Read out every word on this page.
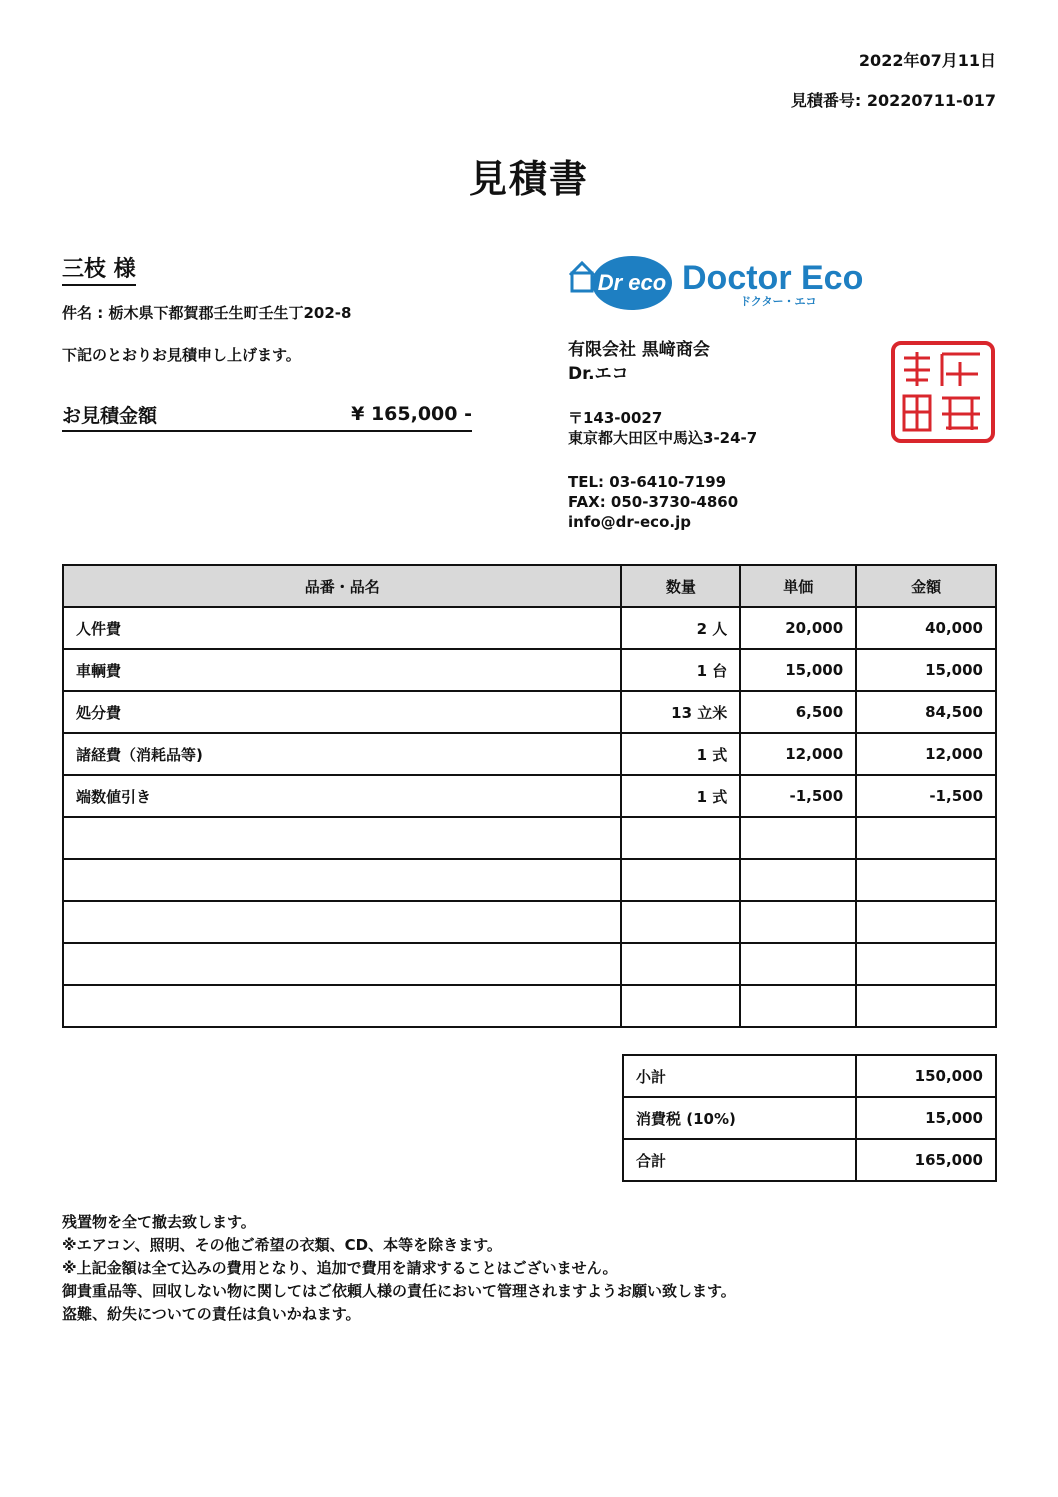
2022年07月11日
見積番号: 20220711-017
見積書
三枝 様
件名 : 栃木県下都賀郡壬生町壬生丁202-8
下記のとおりお見積申し上げます。
お見積金額	¥ 165,000 -
Dr eco Doctor Eco
ドクター・エコ
有限会社 黒﨑商会
Dr.エコ
〒143-0027
東京都大田区中馬込3-24-7
TEL: 03-6410-7199
FAX: 050-3730-4860
info@dr-eco.jp
品番・品名	数量	単価	金額
人件費	2 人	20,000	40,000
車輌費	1 台	15,000	15,000
処分費	13 立米	6,500	84,500
諸経費（消耗品等)	1 式	12,000	12,000
端数値引き	1 式	-1,500	-1,500

小計	150,000
消費税 (10%)	15,000
合計	165,000
残置物を全て撤去致します。
※エアコン、照明、その他ご希望の衣類、CD、本等を除きます。
※上記金額は全て込みの費用となり、追加で費用を請求することはございません。
御貴重品等、回収しない物に関してはご依頼人様の責任において管理されますようお願い致します。
盗難、紛失についての責任は負いかねます。
